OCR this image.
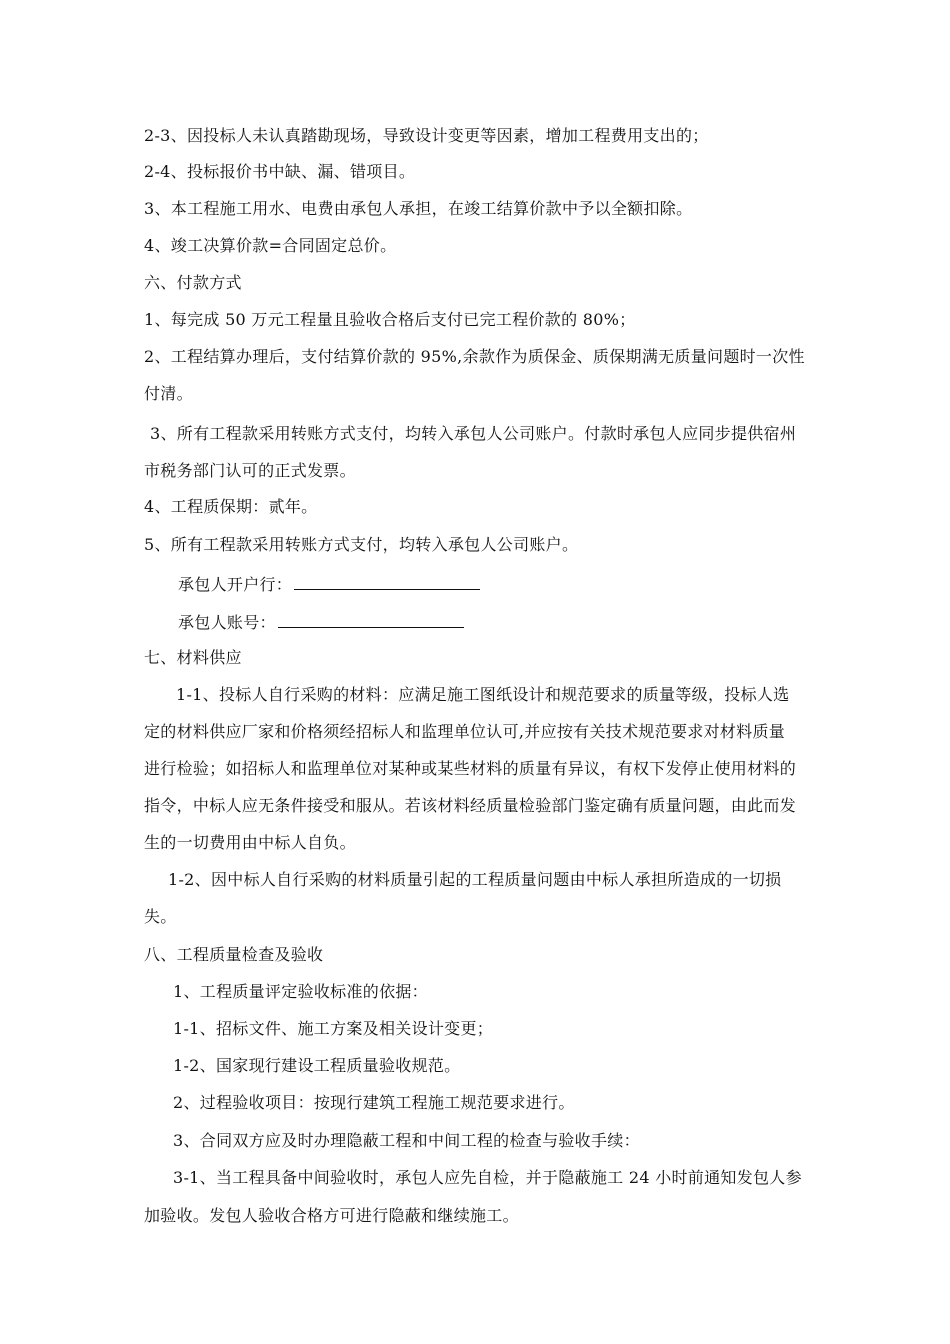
2-3、因投标人未认真踏勘现场，导致设计变更等因素，增加工程费用支出的；
2-4、投标报价书中缺、漏、错项目。
3、本工程施工用水、电费由承包人承担，在竣工结算价款中予以全额扣除。
4、竣工决算价款=合同固定总价。
六、付款方式
1、每完成 50 万元工程量且验收合格后支付已完工程价款的 80%；
2、工程结算办理后，支付结算价款的 95%,余款作为质保金、质保期满无质量问题时一次性
付清。
3、所有工程款采用转账方式支付，均转入承包人公司账户。付款时承包人应同步提供宿州
市税务部门认可的正式发票。
4、工程质保期：贰年。
5、所有工程款采用转账方式支付，均转入承包人公司账户。
承包人开户行：
承包人账号：
七、材料供应
1-1、投标人自行采购的材料：应满足施工图纸设计和规范要求的质量等级，投标人选
定的材料供应厂家和价格须经招标人和监理单位认可,并应按有关技术规范要求对材料质量
进行检验；如招标人和监理单位对某种或某些材料的质量有异议，有权下发停止使用材料的
指令，中标人应无条件接受和服从。若该材料经质量检验部门鉴定确有质量问题，由此而发
生的一切费用由中标人自负。
1-2、因中标人自行采购的材料质量引起的工程质量问题由中标人承担所造成的一切损
失。
八、工程质量检查及验收
1、工程质量评定验收标准的依据：
1-1、招标文件、施工方案及相关设计变更；
1-2、国家现行建设工程质量验收规范。
2、过程验收项目：按现行建筑工程施工规范要求进行。
3、合同双方应及时办理隐蔽工程和中间工程的检查与验收手续：
3-1、当工程具备中间验收时，承包人应先自检，并于隐蔽施工 24 小时前通知发包人参
加验收。发包人验收合格方可进行隐蔽和继续施工。
